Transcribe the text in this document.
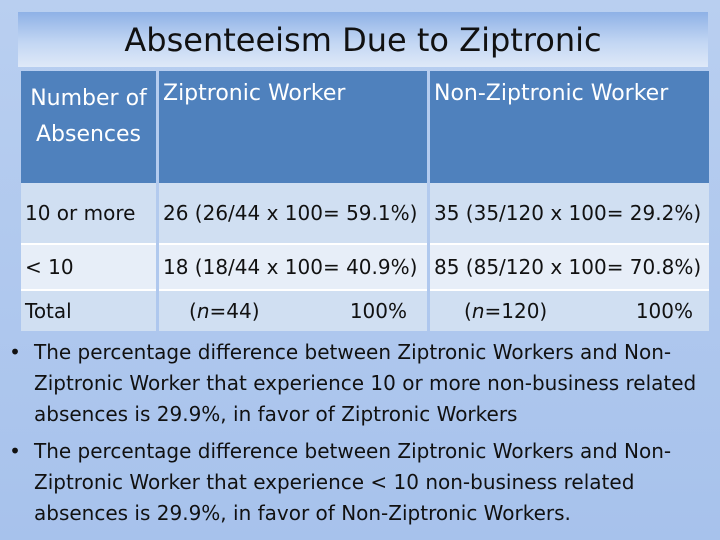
Absenteeism Due to Ziptronic
Number of Absences	Ziptronic Worker	Non-Ziptronic Worker
10 or more	26 (26/44 x 100= 59.1%)	35 (35/120 x 100= 29.2%)
< 10	18 (18/44 x 100= 40.9%)	85 (85/120 x 100= 70.8%)
Total	(n=44) 100%	(n=120) 100%
• The percentage difference between Ziptronic Workers and Non-Ziptronic Worker that experience 10 or more non-business related absences is 29.9%, in favor of Ziptronic Workers
• The percentage difference between Ziptronic Workers and Non-Ziptronic Worker that experience < 10 non-business related absences is 29.9%, in favor of Non-Ziptronic Workers.
